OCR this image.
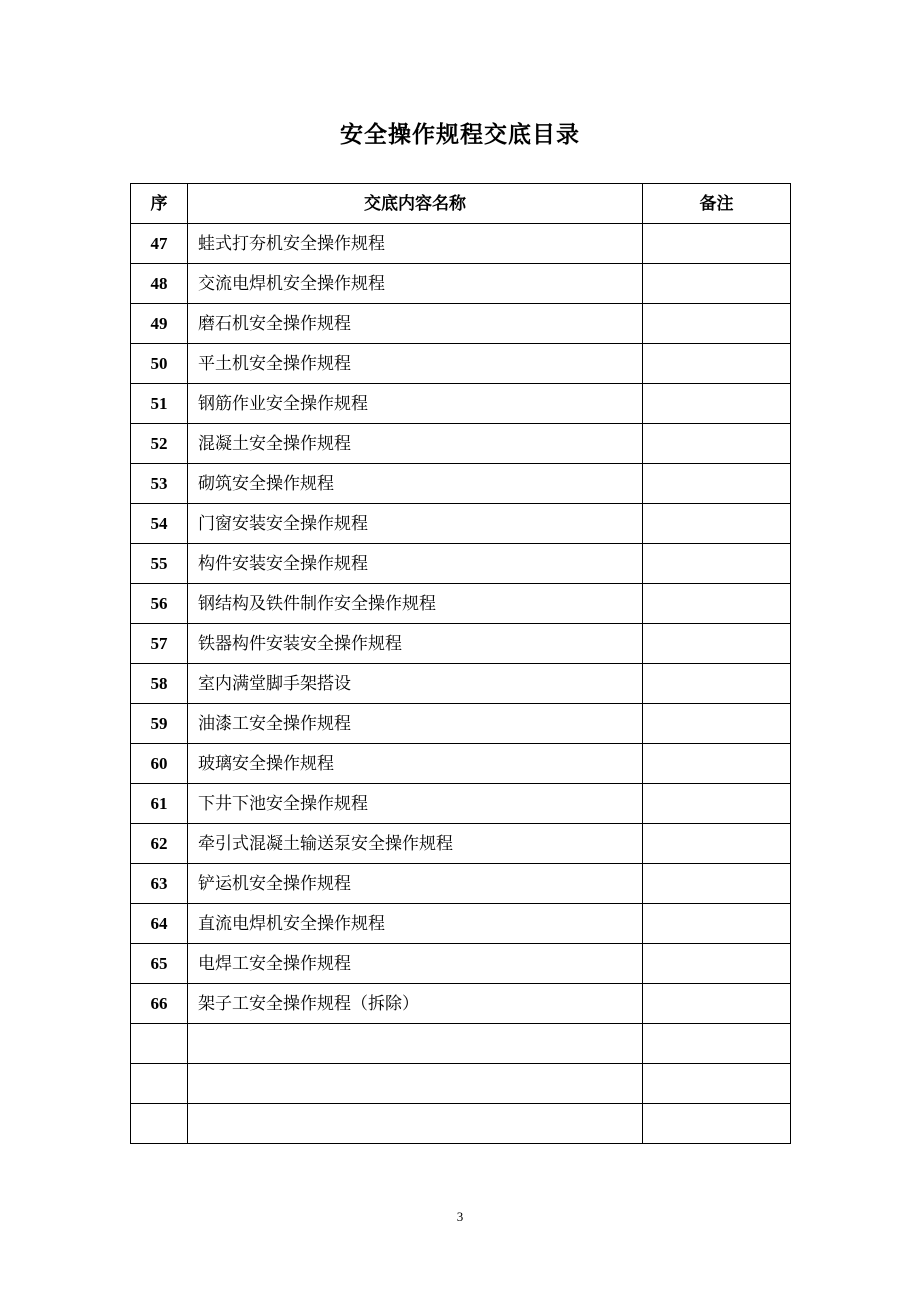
安全操作规程交底目录
序	交底内容名称	备注
47	蛙式打夯机安全操作规程	
48	交流电焊机安全操作规程	
49	磨石机安全操作规程	
50	平土机安全操作规程	
51	钢筋作业安全操作规程	
52	混凝土安全操作规程	
53	砌筑安全操作规程	
54	门窗安装安全操作规程	
55	构件安装安全操作规程	
56	钢结构及铁件制作安全操作规程	
57	铁器构件安装安全操作规程	
58	室内满堂脚手架搭设	
59	油漆工安全操作规程	
60	玻璃安全操作规程	
61	下井下池安全操作规程	
62	牵引式混凝土输送泵安全操作规程	
63	铲运机安全操作规程	
64	直流电焊机安全操作规程	
65	电焊工安全操作规程	
66	架子工安全操作规程（拆除）	

3
